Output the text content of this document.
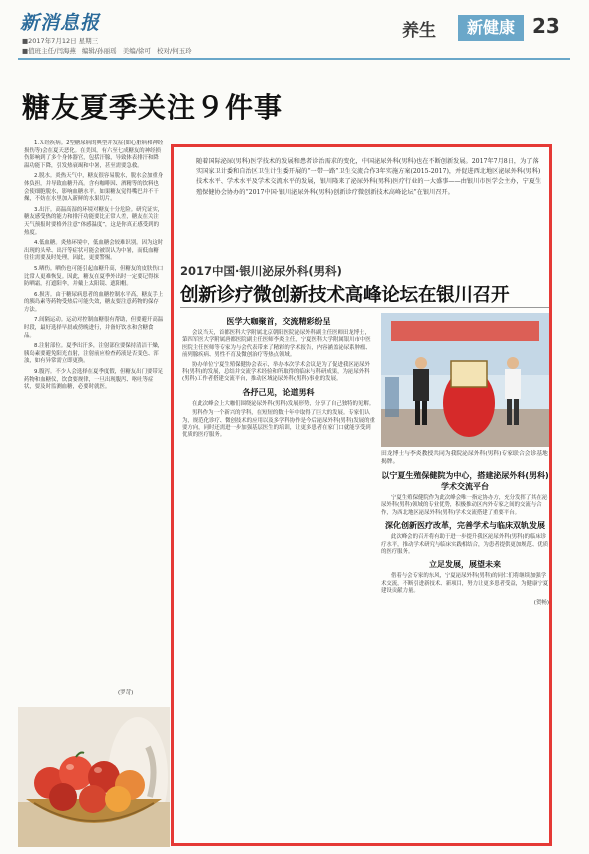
新消息报
■2017年7月12日 星期三
■值班主任/闫海燕 编辑/孙丽瑶 美编/徐可 校对/何玉玲
养生	新健康 23
糖友夏季关注９件事

1.Ｘ经疾病。2型糖尿病的典型并发症(如心脏病和神经损伤等)会在夏天恶化。在美国，有六至七成糖友的神经损伤影响到了多个身体器官，包括汗腺，导致体表排汗和降温功能下降，引发热衰竭和中暑，甚至需要急救。

2.脱水。炎热天气中，糖友很容易脱水，脱水会加重身体负担，并导致血糖升高。含有咖啡因、酒精等的饮料也会使细胞脱水，影响血糖水平。如果糖友觉得嘴巴并不干燥，不妨在水里加入新鲜的水果切片。

3.出汗。高温高湿的环境对糖友十分危险。研究证实，糖友感受热的能力和排汗功能要比正常人差，糖友在关注天气预报时要格外注意“体感温度”，这是你真正感受到的热度。

4.低血糖。炎热环境中，低血糖会较难识别。因为这时出现的头晕、出汗等症状可能会被误认为中暑，而低血糖往往需要及时处理，因此，更要警惕。

5.晒伤。晒伤也可能引起血糖升高，但糖友的皮肤伤口比常人更难恢复。因此，糖友在夏季外出时一定要记得抹防晒霜，打遮阳伞，并戴上太阳镜、遮阳帽。

6.损害。由于糖尿病患者的血糖控制水平高，糖友手上的胰岛素等药物受热后可能失效，糖友要注意药物的保存方法。

7.间隔运动。运动对控制血糖很有帮助，但要避开高温时段，最好选择早晨或傍晚进行，并备好饮水和含糖食品。

8.注射部位。夏季出汗多，注射部位要保持清洁干燥，胰岛素要避免阳光直射，注射前应检查药液是否变色、浑浊，如有异常需立即更换。

9.腹泻。不少人会选择在夏季度假，但糖友出门要带足药物和血糖仪，饮食要规律，一旦出现腹泻、呕吐等症状，要及时监测血糖，必要时就医。

(罗苛)

随着国际泌尿(男科)医学技术的发展和患者诊治需求的变化，中国泌尿外科(男科)也在不断创新发展。2017年7月8日，为了落实国家卫计委和自治区卫生计生委开展的“一带一路”卫生交流合作3年实施方案(2015-2017)，并促进西北地区泌尿外科(男科)技术水平、学术水平及学术交流水平的发展，银川隆来了泌尿外科(男科)医疗行业的一大盛事——由银川市医学会主办，宁夏生殖保健协会协办的“2017中国·银川泌尿外科(男科)创新诊疗微创新技术高峰论坛”在银川召开。

2017中国·银川泌尿外科(男科)
创新诊疗微创新技术高峰论坛在银川召开
医学大咖聚首，交流精彩纷呈

会议当天，首都医科大学附属北京朝阳医院泌尿外科副主任医师田龙博士，第四军医大学附属唐都医院副主任医师李炎主任，宁夏医科大学附属银川市中医医院主任医师等专家为与会代表带来了精彩的学术报告，内容涵盖泌尿系肿瘤、前列腺疾病、男性不育及微创治疗等热点领域。

协办单位宁夏生殖保健协会表示，举办本次学术会议是为了促进我区泌尿外科(男科)的发展，总结并交流学术经验和所取得的临床与科研成果，为泌尿外科(男科)工作者搭建交流平台，推动区域泌尿外科(男科)事业的发展。

各抒己见，论道男科

在此次峰会上大咖们围绕泌尿外科(男科)发展形势，分享了自己独特的见解。

男科作为一个新兴的学科，在短短的数十年中取得了巨大的发展。专家们认为，规范化诊疗、微创技术的应用以及多学科协作是今后泌尿外科(男科)发展的重要方向，同时还需进一步加强基层医生的培训，让更多患者在家门口就能享受到优质的医疗服务。

田龙博士与李炎教授共同为我院泌尿外科(男科)专家联合会诊基地揭牌。

以宁夏生殖保健院为中心，搭建泌尿外科(男科)学术交流平台

宁夏生殖保健院作为此次峰会唯一指定协办方，充分发挥了其在泌尿外科(男科)领域的专业优势，积极推动区内外专家之间的交流与合作，为西北地区泌尿外科(男科)学术交流搭建了重要平台。

深化创新医疗改革，完善学术与临床双轨发展

此次峰会的召开将有助于进一步提升我区泌尿外科(男科)的临床诊疗水平，推动学术研究与临床实践相结合，为患者提供更加规范、优质的医疗服务。

立足发展，展望未来

借着与会专家的东风，宁夏泌尿外科(男科)的同仁们将继续加强学术交流，不断引进新技术、新项目，努力让更多患者受益，为健康宁夏建设贡献力量。

(贺畅)
